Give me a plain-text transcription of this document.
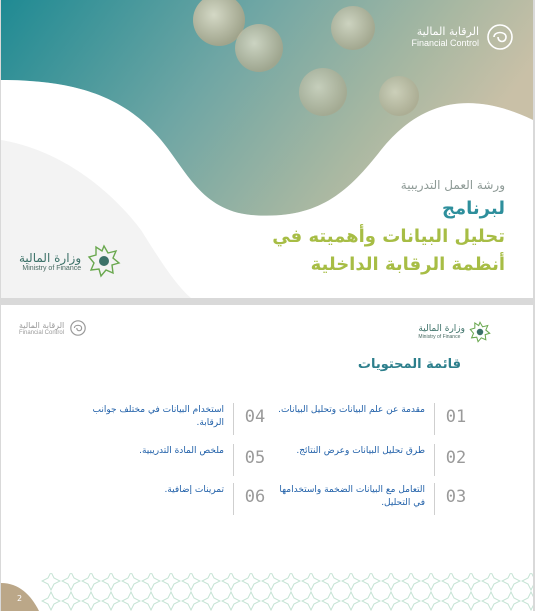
الرقابة المالية
Financial Control
ورشة العمل التدريبية
لبرنامج
تحليل البيانات وأهميته في
أنظمة الرقابة الداخلية
وزارة المالية
Ministry of Finance
الرقابة المالية
Financial Control	وزارة المالية
Ministry of Finance
قائمة المحتويات
01
مقدمة عن علم البيانات وتحليل البيانات.
02
طرق تحليل البيانات وعرض النتائج.
03
التعامل مع البيانات الضخمة واستخدامها في التحليل.
04
استخدام البيانات في مختلف جوانب الرقابة.
05
ملخص المادة التدريبية.
06
تمرينات إضافية.
2
